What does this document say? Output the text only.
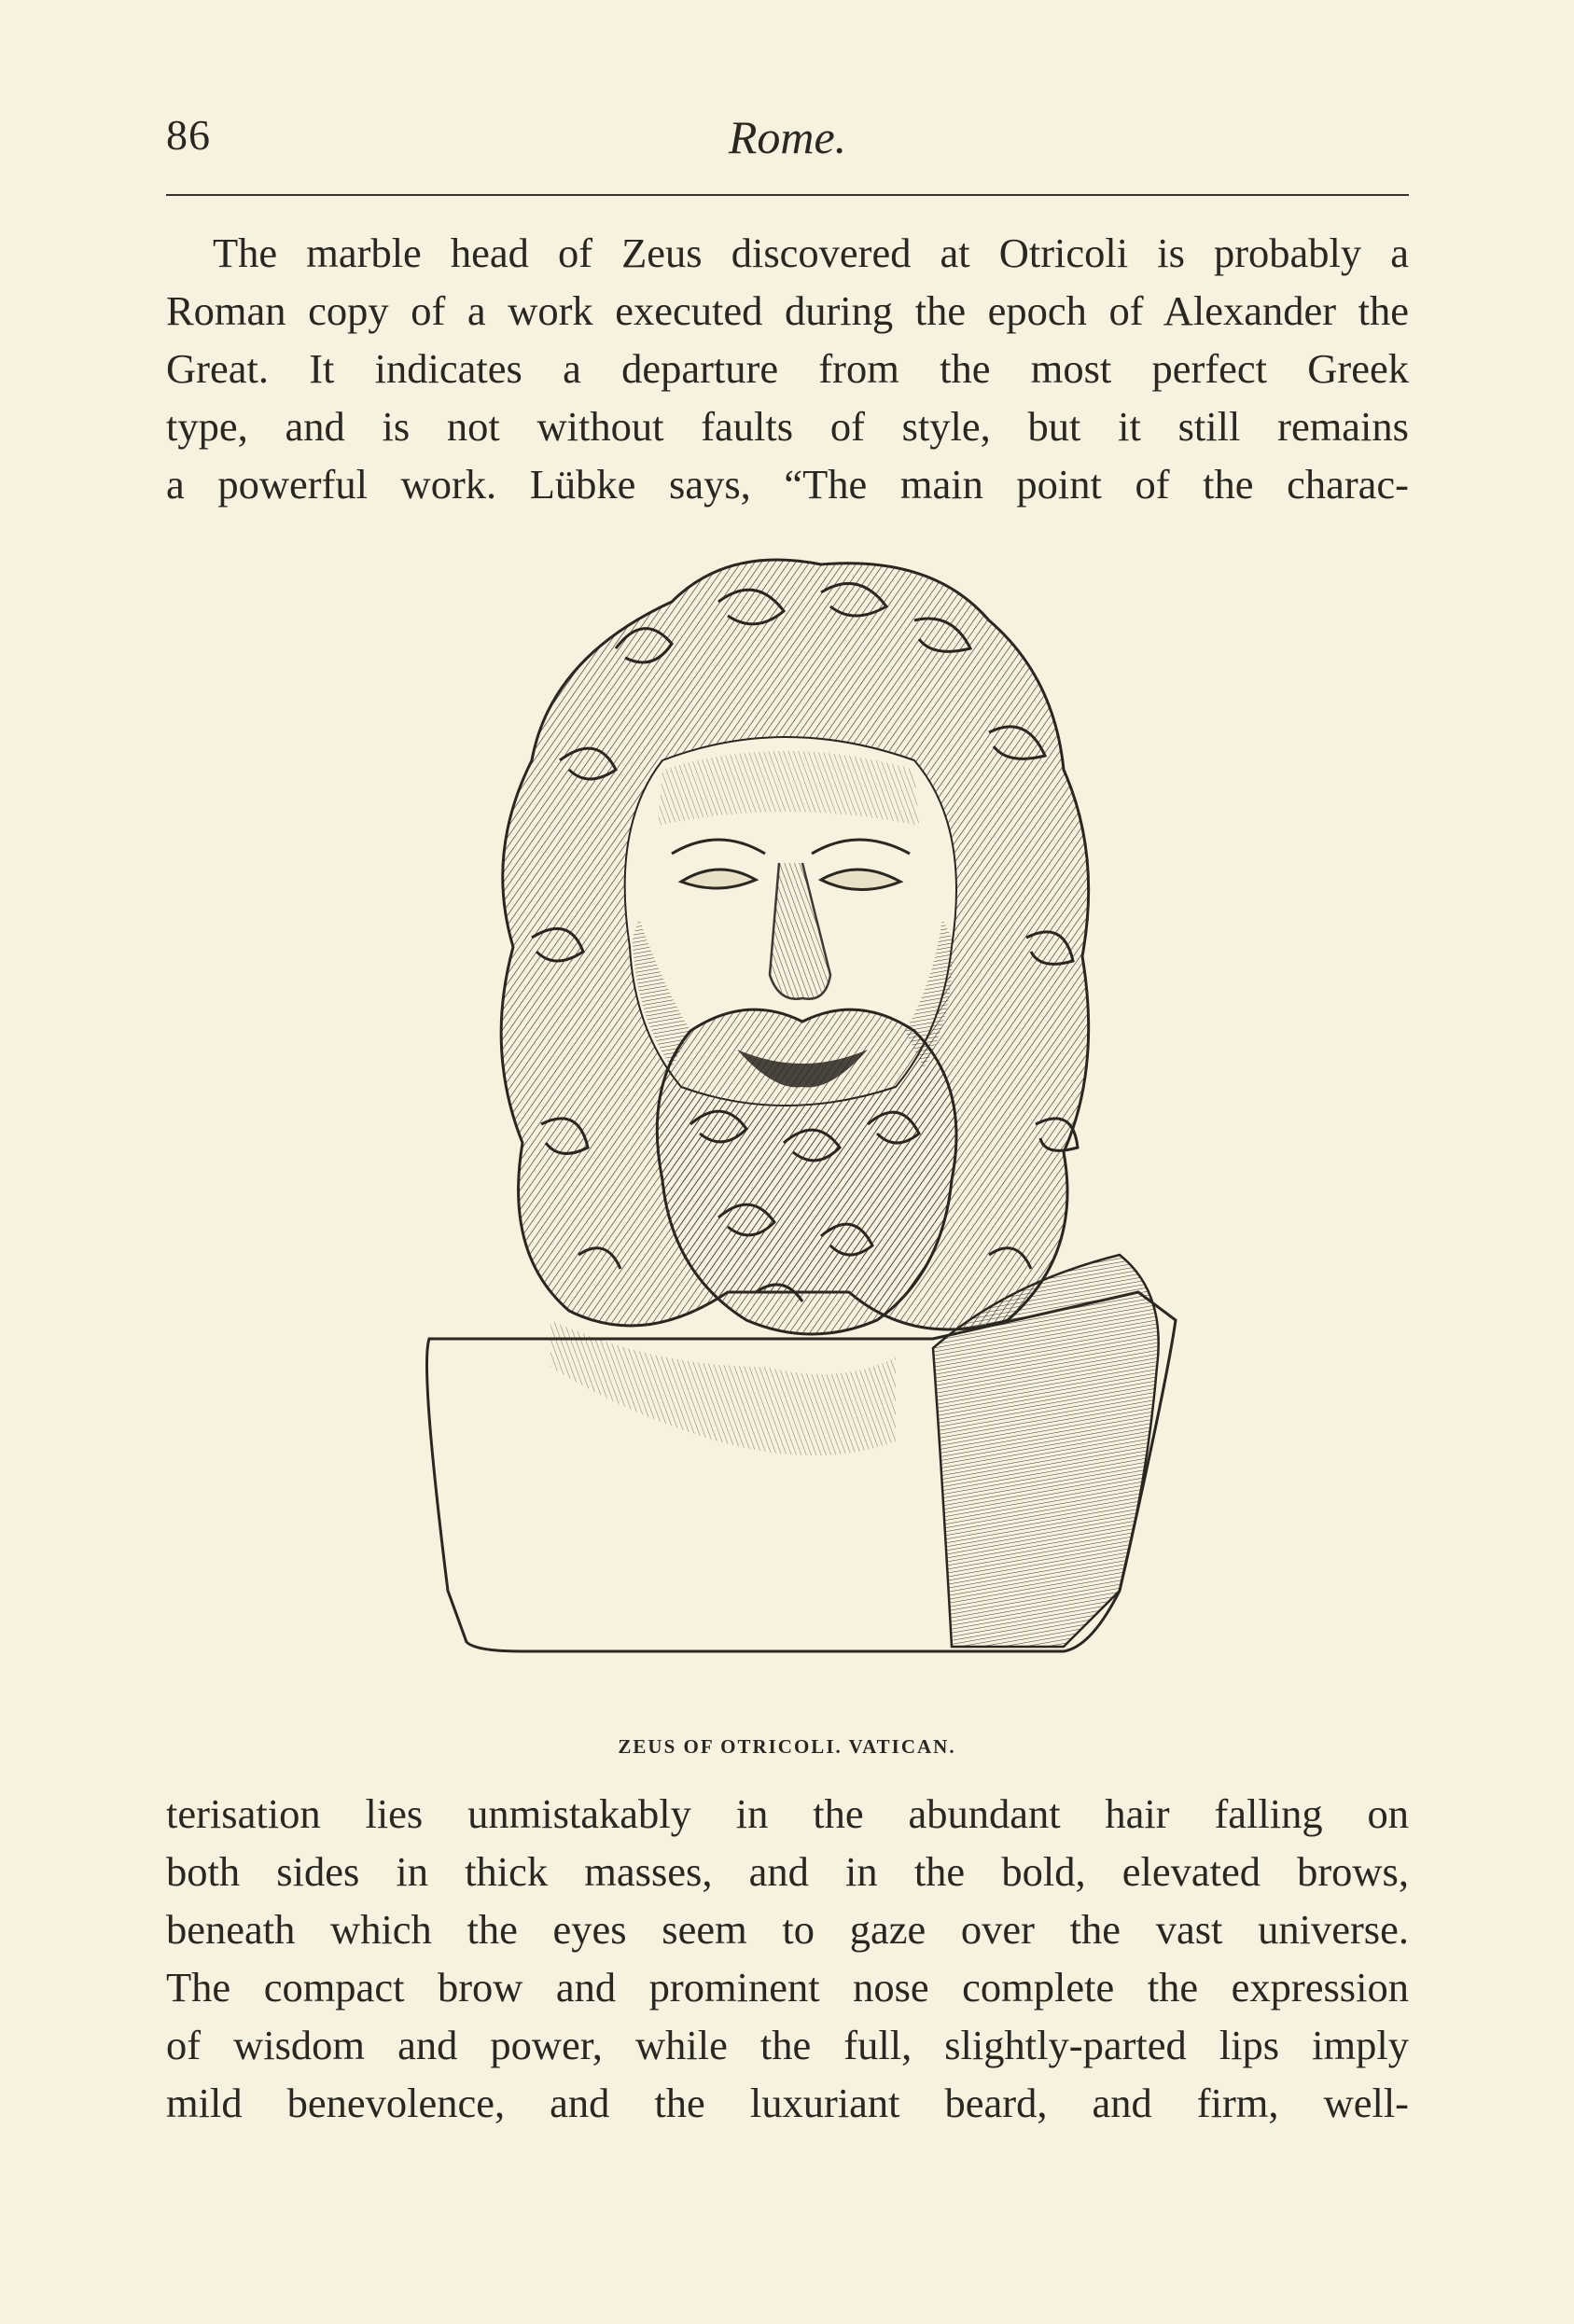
86	Rome.
The marble head of Zeus discovered at Otricoli is probably a
Roman copy of a work executed during the epoch of Alexander the
Great. It indicates a departure from the most perfect Greek
type, and is not without faults of style, but it still remains
a powerful work. Lübke says, “The main point of the charac-
ZEUS OF OTRICOLI. VATICAN.
terisation lies unmistakably in the abundant hair falling on
both sides in thick masses, and in the bold, elevated brows,
beneath which the eyes seem to gaze over the vast universe.
The compact brow and prominent nose complete the expression
of wisdom and power, while the full, slightly-parted lips imply
mild benevolence, and the luxuriant beard, and firm, well-
